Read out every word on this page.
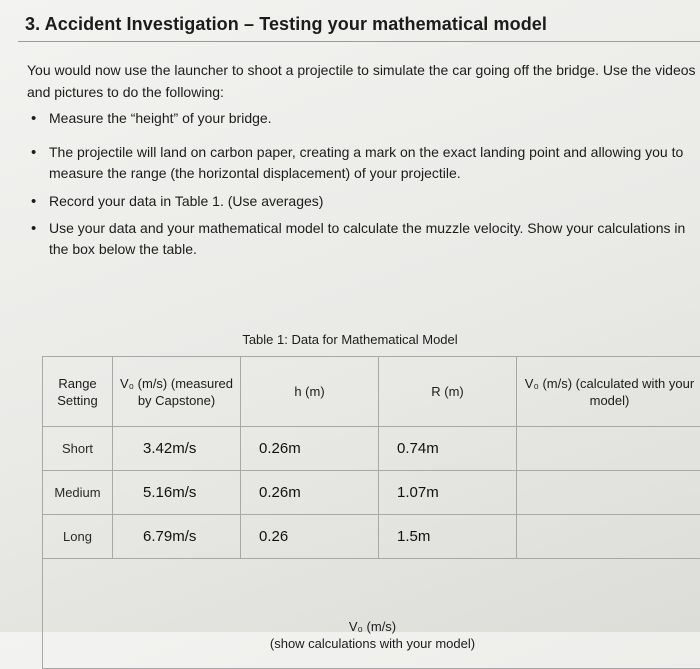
3. Accident Investigation – Testing your mathematical model

You would now use the launcher to shoot a projectile to simulate the car going off the bridge. Use the videos and pictures to do the following:

• Measure the “height” of your bridge.
• The projectile will land on carbon paper, creating a mark on the exact landing point and allowing you to measure the range (the horizontal displacement) of your projectile.
• Record your data in Table 1. (Use averages)
• Use your data and your mathematical model to calculate the muzzle velocity. Show your calculations in the box below the table.

Table 1: Data for Mathematical Model

Range Setting	V₀ (m/s) (measured by Capstone)	h (m)	R (m)	V₀ (m/s) (calculated with your model)
Short	3.42m/s	0.26m	0.74m	
Medium	5.16m/s	0.26m	1.07m	
Long	6.79m/s	0.26	1.5m	

V₀ (m/s)
(show calculations with your model)				
